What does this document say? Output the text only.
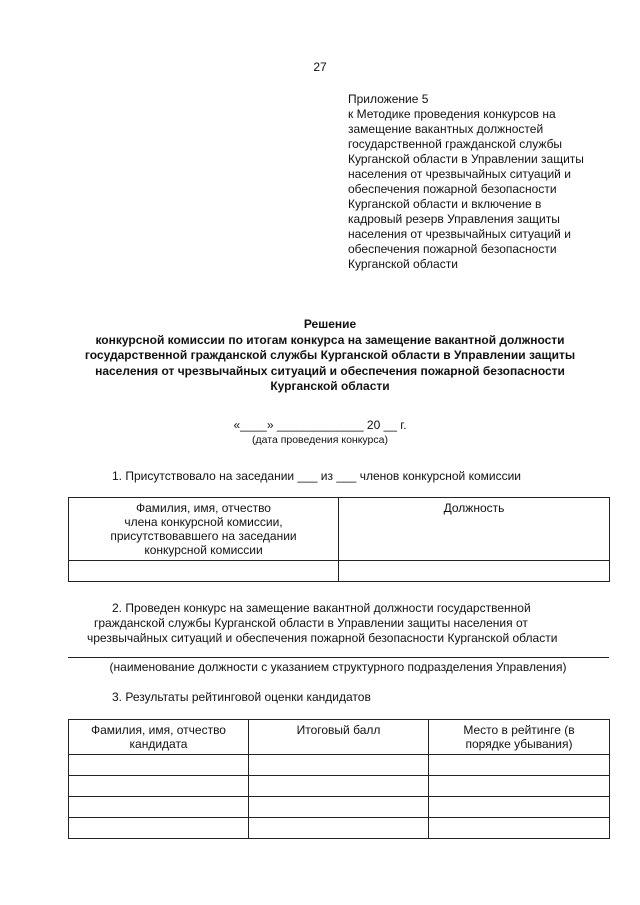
27
Приложение 5
к Методике проведения конкурсов на
замещение вакантных должностей
государственной гражданской службы
Курганской области в Управлении защиты
населения от чрезвычайных ситуаций и
обеспечения пожарной безопасности
Курганской области и включение в
кадровый резерв Управления защиты
населения от чрезвычайных ситуаций и
обеспечения пожарной безопасности
Курганской области
Решение
конкурсной комиссии по итогам конкурса на замещение вакантной должности
государственной гражданской службы Курганской области в Управлении защиты
населения от чрезвычайных ситуаций и обеспечения пожарной безопасности
Курганской области
«____» _____________ 20 __ г.
(дата проведения конкурса)
1. Присутствовало на заседании ___ из ___ членов конкурсной комиссии
Фамилия, имя, отчество
члена конкурсной комиссии,
присутствовавшего на заседании
конкурсной комиссии	Должность

2. Проведен конкурс на замещение вакантной должности государственной
гражданской службы Курганской области в Управлении защиты населения от
чрезвычайных ситуаций и обеспечения пожарной безопасности Курганской области
(наименование должности с указанием структурного подразделения Управления)
3. Результаты рейтинговой оценки кандидатов
Фамилия, имя, отчество
кандидата	Итоговый балл	Место в рейтинге (в
порядке убывания)
